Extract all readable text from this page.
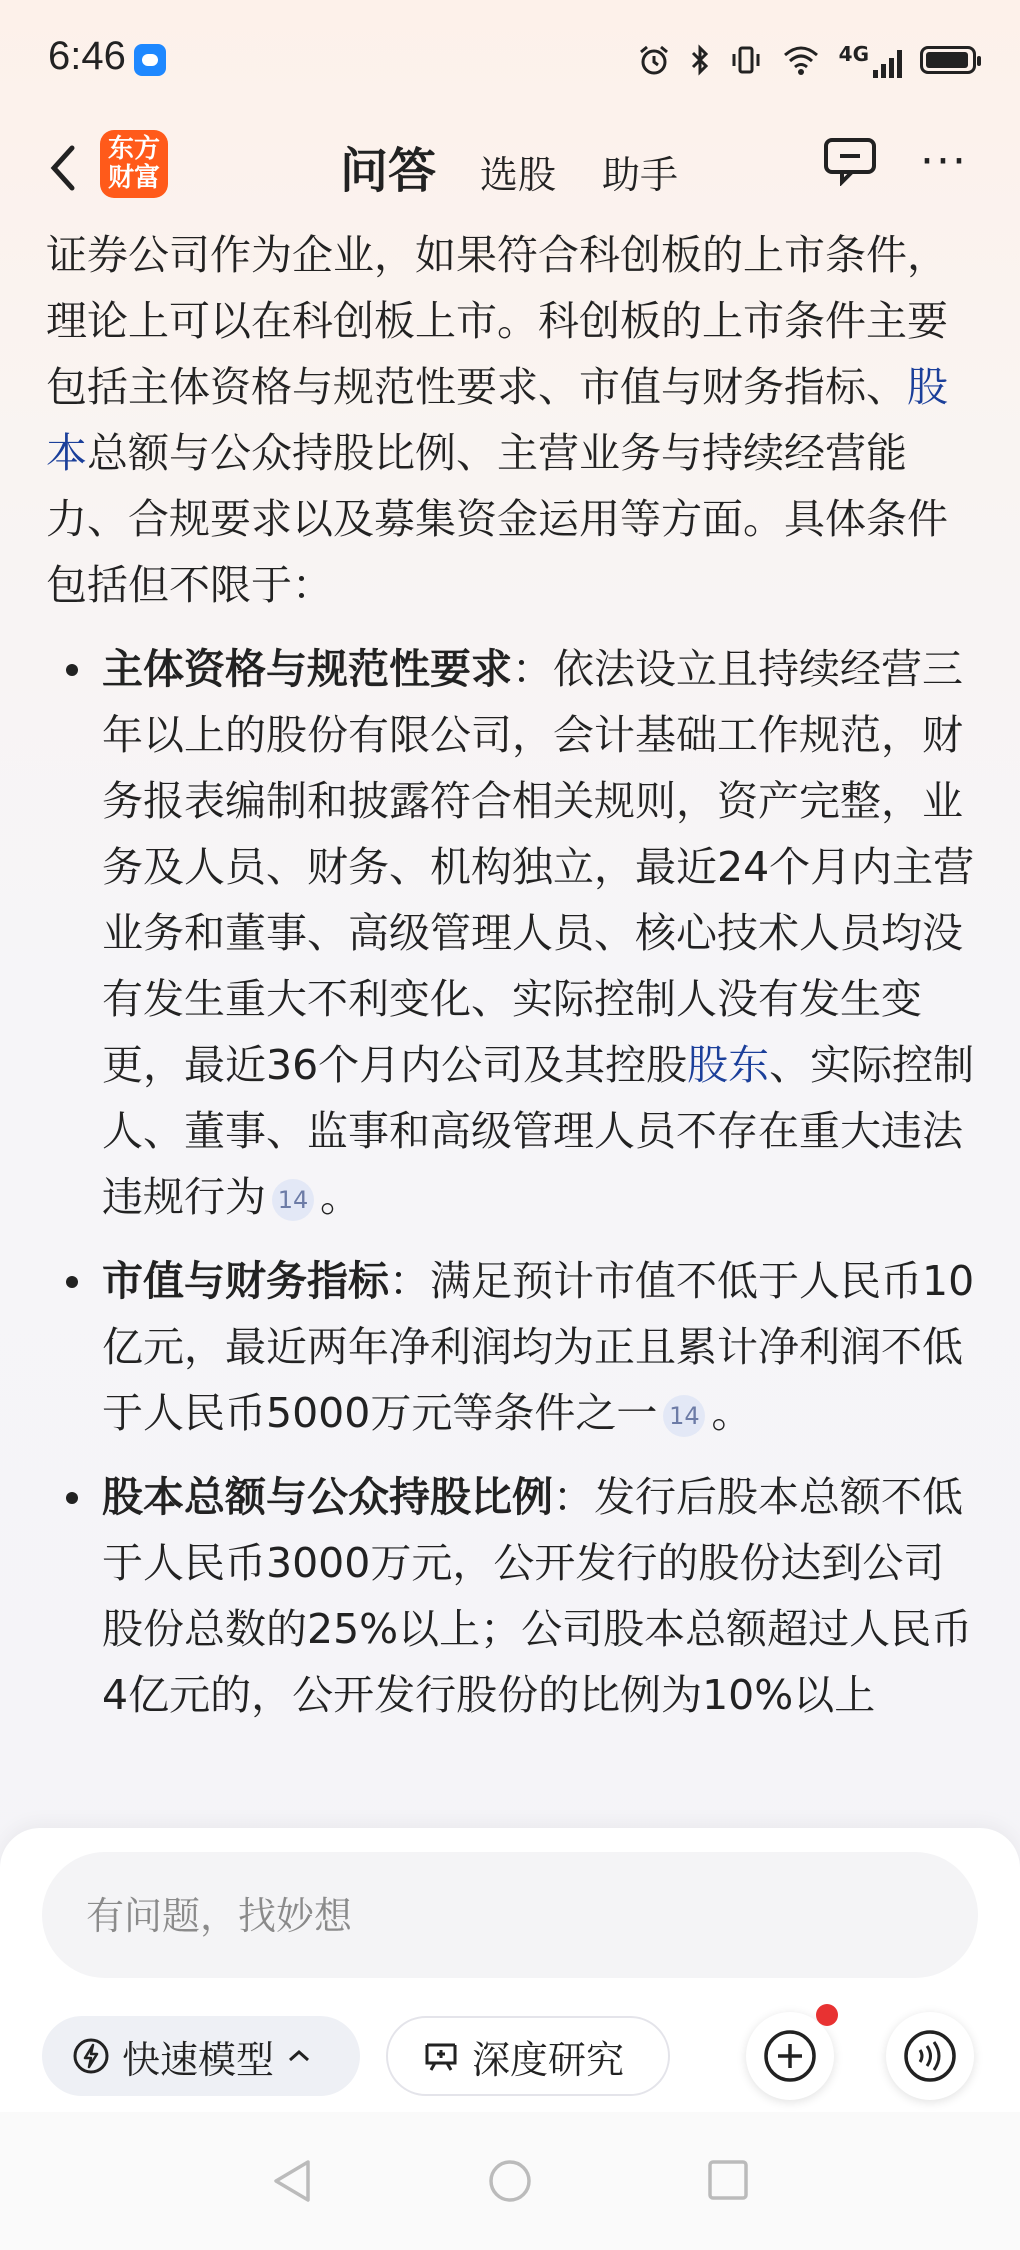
6:46	4G
东方
财富	问答 选股 助手	···

证券公司作为企业，如果符合科创板的上市条件，理论上可以在科创板上市。科创板的上市条件主要包括主体资格与规范性要求、市值与财务指标、股本总额与公众持股比例、主营业务与持续经营能力、合规要求以及募集资金运用等方面。具体条件包括但不限于：

主体资格与规范性要求：依法设立且持续经营三年以上的股份有限公司，会计基础工作规范，财务报表编制和披露符合相关规则，资产完整，业务及人员、财务、机构独立，最近24个月内主营业务和董事、高级管理人员、核心技术人员均没有发生重大不利变化、实际控制人没有发生变更，最近36个月内公司及其控股股东、实际控制人、董事、监事和高级管理人员不存在重大违法违规行为 14 。
市值与财务指标：满足预计市值不低于人民币10亿元，最近两年净利润均为正且累计净利润不低于人民币5000万元等条件之一 14 。
股本总额与公众持股比例：发行后股本总额不低于人民币3000万元，公开发行的股份达到公司股份总数的25%以上；公司股本总额超过人民币4亿元的，公开发行股份的比例为10%以上
有问题，找妙想
快速模型	深度研究
